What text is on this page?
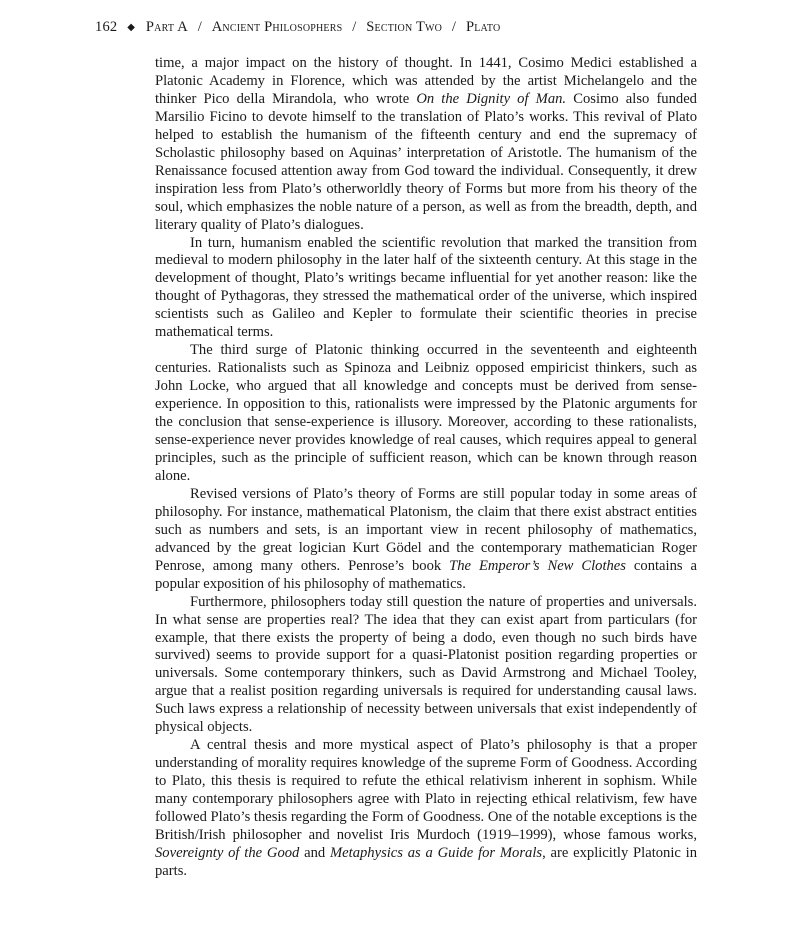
162 ◆ Part A / Ancient Philosophers / Section Two / Plato

time, a major impact on the history of thought. In 1441, Cosimo Medici established a Platonic Academy in Florence, which was attended by the artist Michelangelo and the thinker Pico della Mirandola, who wrote On the Dignity of Man. Cosimo also funded Marsilio Ficino to devote himself to the translation of Plato’s works. This revival of Plato helped to establish the humanism of the fifteenth century and end the supremacy of Scholastic philosophy based on Aquinas’ interpretation of Aristotle. The humanism of the Renaissance focused attention away from God toward the individual. Consequently, it drew inspiration less from Plato’s otherworldly theory of Forms but more from his theory of the soul, which emphasizes the noble nature of a person, as well as from the breadth, depth, and literary quality of Plato’s dialogues.

In turn, humanism enabled the scientific revolution that marked the transition from medieval to modern philosophy in the later half of the sixteenth century. At this stage in the development of thought, Plato’s writings became influential for yet another reason: like the thought of Pythagoras, they stressed the mathematical order of the universe, which inspired scientists such as Galileo and Kepler to formulate their scientific theories in precise mathematical terms.

The third surge of Platonic thinking occurred in the seventeenth and eighteenth centuries. Rationalists such as Spinoza and Leibniz opposed empiricist thinkers, such as John Locke, who argued that all knowledge and concepts must be derived from sense-experience. In opposition to this, rationalists were impressed by the Platonic arguments for the conclusion that sense-experience is illusory. Moreover, according to these rationalists, sense-experience never provides knowledge of real causes, which requires appeal to general principles, such as the principle of sufficient reason, which can be known through reason alone.

Revised versions of Plato’s theory of Forms are still popular today in some areas of philosophy. For instance, mathematical Platonism, the claim that there exist abstract entities such as numbers and sets, is an important view in recent philosophy of mathematics, advanced by the great logician Kurt Gödel and the contemporary mathematician Roger Penrose, among many others. Penrose’s book The Emperor’s New Clothes contains a popular exposition of his philosophy of mathematics.

Furthermore, philosophers today still question the nature of properties and universals. In what sense are properties real? The idea that they can exist apart from particulars (for example, that there exists the property of being a dodo, even though no such birds have survived) seems to provide support for a quasi-Platonist position regarding properties or universals. Some contemporary thinkers, such as David Armstrong and Michael Tooley, argue that a realist position regarding universals is required for understanding causal laws. Such laws express a relationship of necessity between universals that exist independently of physical objects.

A central thesis and more mystical aspect of Plato’s philosophy is that a proper understanding of morality requires knowledge of the supreme Form of Goodness. According to Plato, this thesis is required to refute the ethical relativism inherent in sophism. While many contemporary philosophers agree with Plato in rejecting ethical relativism, few have followed Plato’s thesis regarding the Form of Goodness. One of the notable exceptions is the British/Irish philosopher and novelist Iris Murdoch (1919–1999), whose famous works, Sovereignty of the Good and Metaphysics as a Guide for Morals, are explicitly Platonic in parts.
